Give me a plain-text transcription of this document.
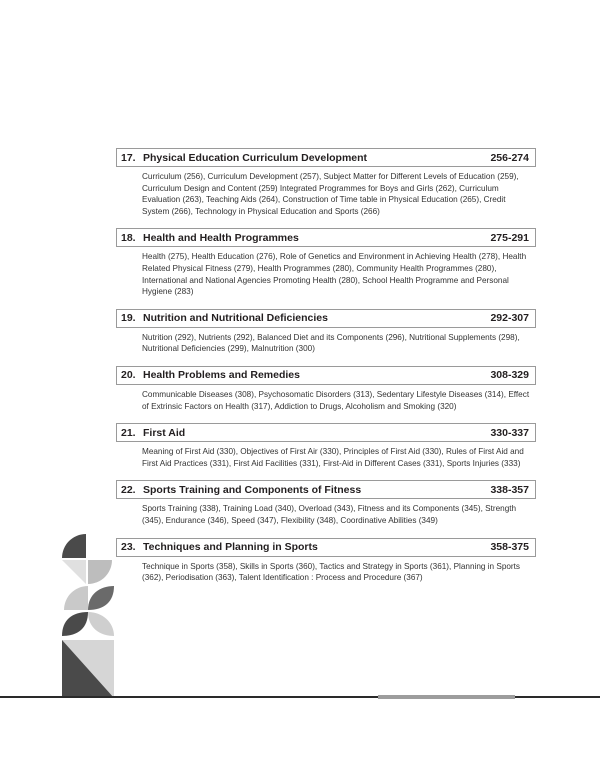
17. Physical Education Curriculum Development	256-274
Curriculum (256), Curriculum Development (257), Subject Matter for Different Levels of Education (259), Curriculum Design and Content (259) Integrated Programmes for Boys and Girls (262), Curriculum Evaluation (263), Teaching Aids (264), Construction of Time table in Physical Education (265), Credit System (266), Technology in Physical Education and Sports (266)
18. Health and Health Programmes	275-291
Health (275), Health Education (276), Role of Genetics and Environment in Achieving Health (278), Health Related Physical Fitness (279), Health Programmes (280), Community Health Programmes (280), International and National Agencies Promoting Health (280), School Health Programme and Personal Hygiene (283)
19. Nutrition and Nutritional Deficiencies	292-307
Nutrition (292), Nutrients (292), Balanced Diet and its Components (296), Nutritional Supplements (298), Nutritional Deficiencies (299), Malnutrition (300)
20. Health Problems and Remedies	308-329
Communicable Diseases (308), Psychosomatic Disorders (313), Sedentary Lifestyle Diseases (314), Effect of Extrinsic Factors on Health (317), Addiction to Drugs, Alcoholism and Smoking (320)
21. First Aid	330-337
Meaning of First Aid (330), Objectives of First Air (330), Principles of First Aid (330), Rules of First Aid and First Aid Practices (331), First Aid Facilities (331), First-Aid in Different Cases (331), Sports Injuries (333)
22. Sports Training and Components of Fitness	338-357
Sports Training (338), Training Load (340), Overload (343), Fitness and its Components (345), Strength (345), Endurance (346), Speed (347), Flexibility (348), Coordinative Abilities (349)
23. Techniques and Planning in Sports	358-375
Technique in Sports (358), Skills in Sports (360), Tactics and Strategy in Sports (361), Planning in Sports (362), Periodisation (363), Talent Identification : Process and Procedure (367)
